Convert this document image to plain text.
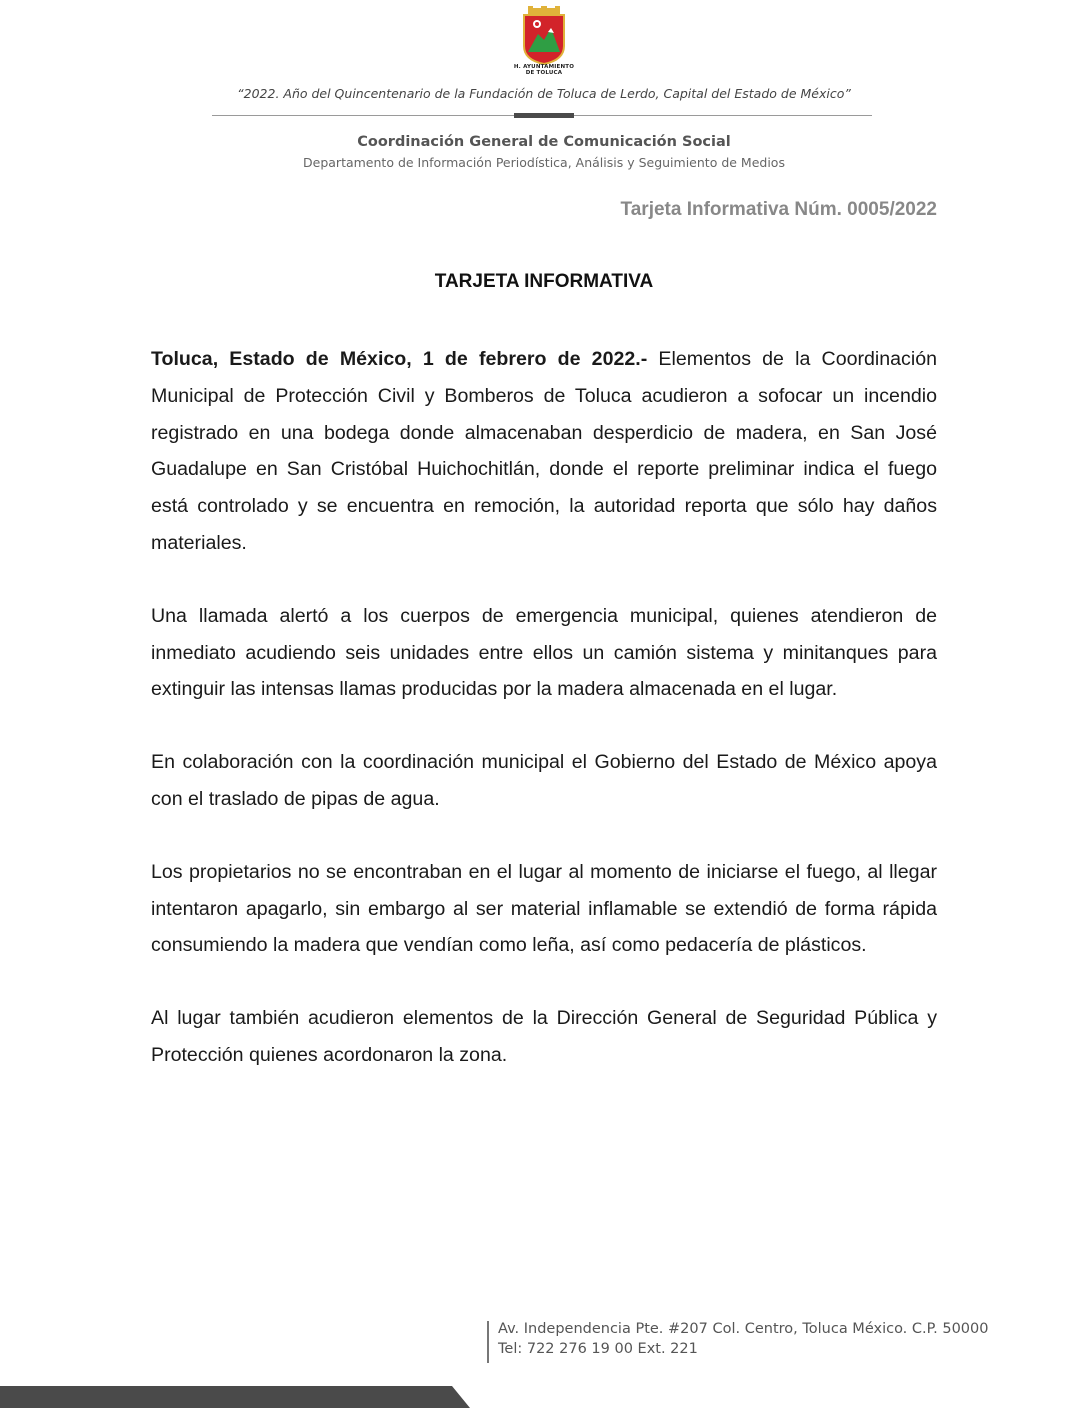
H. AYUNTAMIENTO
DE TOLUCA
“2022. Año del Quincentenario de la Fundación de Toluca de Lerdo, Capital del Estado de México”
Coordinación General de Comunicación Social
Departamento de Información Periodística, Análisis y Seguimiento de Medios
Tarjeta Informativa Núm. 0005/2022
TARJETA INFORMATIVA

Toluca, Estado de México, 1 de febrero de 2022.- Elementos de la Coordinación Municipal de Protección Civil y Bomberos de Toluca acudieron a sofocar un incendio registrado en una bodega donde almacenaban desperdicio de madera, en San José Guadalupe en San Cristóbal Huichochitlán, donde el reporte preliminar indica el fuego está controlado y se encuentra en remoción, la autoridad reporta que sólo hay daños materiales.

Una llamada alertó a los cuerpos de emergencia municipal, quienes atendieron de inmediato acudiendo seis unidades entre ellos un camión sistema y minitanques para extinguir las intensas llamas producidas por la madera almacenada en el lugar.

En colaboración con la coordinación municipal el Gobierno del Estado de México apoya con el traslado de pipas de agua.

Los propietarios no se encontraban en el lugar al momento de iniciarse el fuego, al llegar intentaron apagarlo, sin embargo al ser material inflamable se extendió de forma rápida consumiendo la madera que vendían como leña, así como pedacería de plásticos.

Al lugar también acudieron elementos de la Dirección General de Seguridad Pública y Protección quienes acordonaron la zona.

Av. Independencia Pte. #207 Col. Centro, Toluca México. C.P. 50000
Tel: 722 276 19 00 Ext. 221
